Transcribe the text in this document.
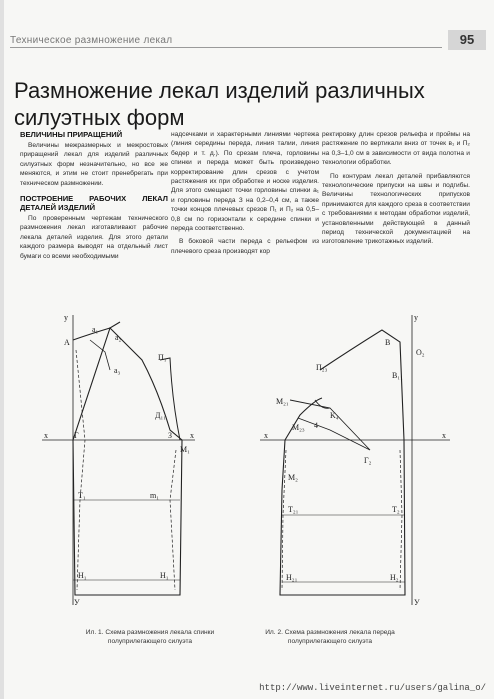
Техническое размножение лекал	95
Размножение лекал изделий различных силуэтных форм
ВЕЛИЧИНЫ ПРИРАЩЕНИЙ

Величины межразмерных и межростовых приращений лекал для изделий различных силуэтных форм незначительно, но все же меняются, и этим не стоит пренебрегать при техническом размножении.

ПОСТРОЕНИЕ РАБОЧИХ ЛЕКАЛ ДЕТАЛЕЙ ИЗДЕЛИЙ

По проверенным чертежам технического размножения лекал изготавливают рабочие лекала деталей изделия. Для этого детали каждого размера выводят на отдельный лист бумаги со всеми необходимыми

надсечками и характерными линиями чертежа (линия середины переда, линия талии, линия бедер и т. д.). По срезам плеча, горловины спинки и переда может быть произведено корректирование длин срезов с учетом растяжения их при обработке и носке изделия. Для этого смещают точки горловины спинки а₁ и горловины переда З на 0,2–0,4 см, а также точки концов плечевых срезов П₁ и П₂ на 0,5–0,8 см по горизонтали к середине спинки и переда соответственно.

В боковой части переда с рельефом из плечевого среза производят кор

ректировку длин срезов рельефа и проймы на растяжение по вертикали вниз от точек в₁ и П₂ на 0,3–1,0 см в зависимости от вида полотна и технологии обработки.

По контурам лекал деталей прибавляются технологические припуски на швы и подгибы. Величины технологических припусков принимаются для каждого среза в соответствии с требованиями к методам обработки изделий, установленными действующей в данный период технической документацией на изготовление трикотажных изделий.

y
A
a₁
a₂
a₃
П₁
Д₁₁
x	Г	З x
M₁
T₁	m₁
H₁	H₁
У
y
В
O₂
П₂₃
В₁₁
M₂₁
K₄
M₂₃ 4
x	x
Г₂
M₂
T₂₁	T₂
H₂₁	H₂
У
Ил. 1. Схема размножения лекала спинки полуприлегающего силуэта
Ил. 2. Схема размножения лекала переда полуприлегающего силуэта
http://www.liveinternet.ru/users/galina_o/
